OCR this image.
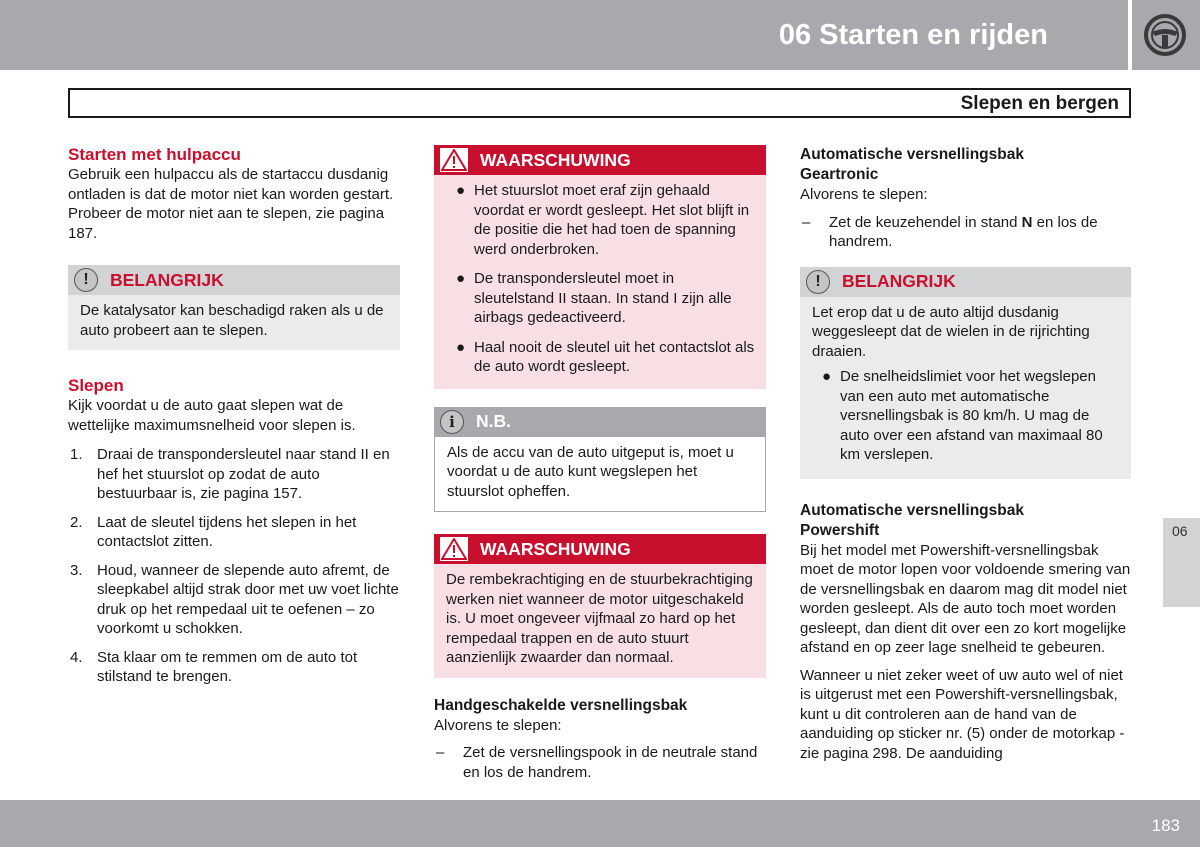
06 Starten en rijden
Slepen en bergen
Starten met hulpaccu

Gebruik een hulpaccu als de startaccu dusdanig ontladen is dat de motor niet kan worden gestart. Probeer de motor niet aan te slepen, zie pagina 187.

!	BELANGRIJK

De katalysator kan beschadigd raken als u de auto probeert aan te slepen.

Slepen

Kijk voordat u de auto gaat slepen wat de wettelijke maximumsnelheid voor slepen is.

1. Draai de transpondersleutel naar stand II en hef het stuurslot op zodat de auto bestuurbaar is, zie pagina 157.
2. Laat de sleutel tijdens het slepen in het contactslot zitten.
3. Houd, wanneer de slepende auto afremt, de sleepkabel altijd strak door met uw voet lichte druk op het rempedaal uit te oefenen – zo voorkomt u schokken.
4. Sta klaar om te remmen om de auto tot stilstand te brengen.
WAARSCHUWING
● Het stuurslot moet eraf zijn gehaald voordat er wordt gesleept. Het slot blijft in de positie die het had toen de spanning werd onderbroken.
● De transpondersleutel moet in sleutelstand II staan. In stand I zijn alle airbags gedeactiveerd.
● Haal nooit de sleutel uit het contactslot als de auto wordt gesleept.
i	N.B.

Als de accu van de auto uitgeput is, moet u voordat u de auto kunt wegslepen het stuurslot opheffen.

WAARSCHUWING

De rembekrachtiging en de stuurbekrachtiging werken niet wanneer de motor uitgeschakeld is. U moet ongeveer vijfmaal zo hard op het rempedaal trappen en de auto stuurt aanzienlijk zwaarder dan normaal.

Handgeschakelde versnellingsbak

Alvorens te slepen:

– Zet de versnellingspook in de neutrale stand en los de handrem.
Automatische versnellingsbak
Geartronic

Alvorens te slepen:

– Zet de keuzehendel in stand N en los de handrem.
!	BELANGRIJK

Let erop dat u de auto altijd dusdanig weggesleept dat de wielen in de rijrichting draaien.

● De snelheidslimiet voor het wegslepen van een auto met automatische versnellingsbak is 80 km/h. U mag de auto over een afstand van maximaal 80 km verslepen.
Automatische versnellingsbak
Powershift

Bij het model met Powershift-versnellingsbak moet de motor lopen voor voldoende smering van de versnellingsbak en daarom mag dit model niet worden gesleept. Als de auto toch moet worden gesleept, dan dient dit over een zo kort mogelijke afstand en op zeer lage snelheid te gebeuren.

Wanneer u niet zeker weet of uw auto wel of niet is uitgerust met een Powershift-versnellingsbak, kunt u dit controleren aan de hand van de aanduiding op sticker nr. (5) onder de motorkap - zie pagina 298. De aanduiding

06
183
